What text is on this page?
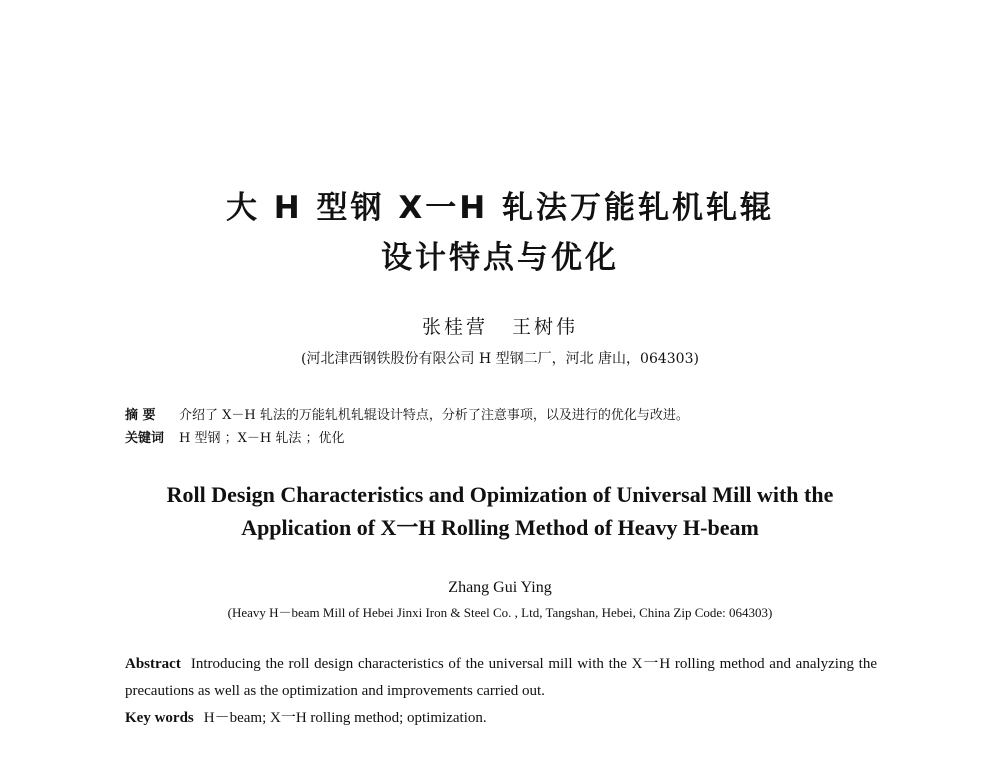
大 H 型钢 X一H 轧法万能轧机轧辊
设计特点与优化
张桂营 王树伟
(河北津西钢铁股份有限公司 H 型钢二厂，河北 唐山，064303)
摘 要 介绍了 X－H 轧法的万能轧机轧辊设计特点，分析了注意事项，以及进行的优化与改进。
关键词 H 型钢 ；X－H 轧法 ；优化
Roll Design Characteristics and Opimization of Universal Mill with the
Application of X一H Rolling Method of Heavy H-beam
Zhang Gui Ying
(Heavy H－beam Mill of Hebei Jinxi Iron & Steel Co. , Ltd, Tangshan, Hebei, China Zip Code: 064303)
Abstract Introducing the roll design characteristics of the universal mill with the X一H rolling method and analyzing the precautions as well as the optimization and improvements carried out.
Key words H－beam; X一H rolling method; optimization.
